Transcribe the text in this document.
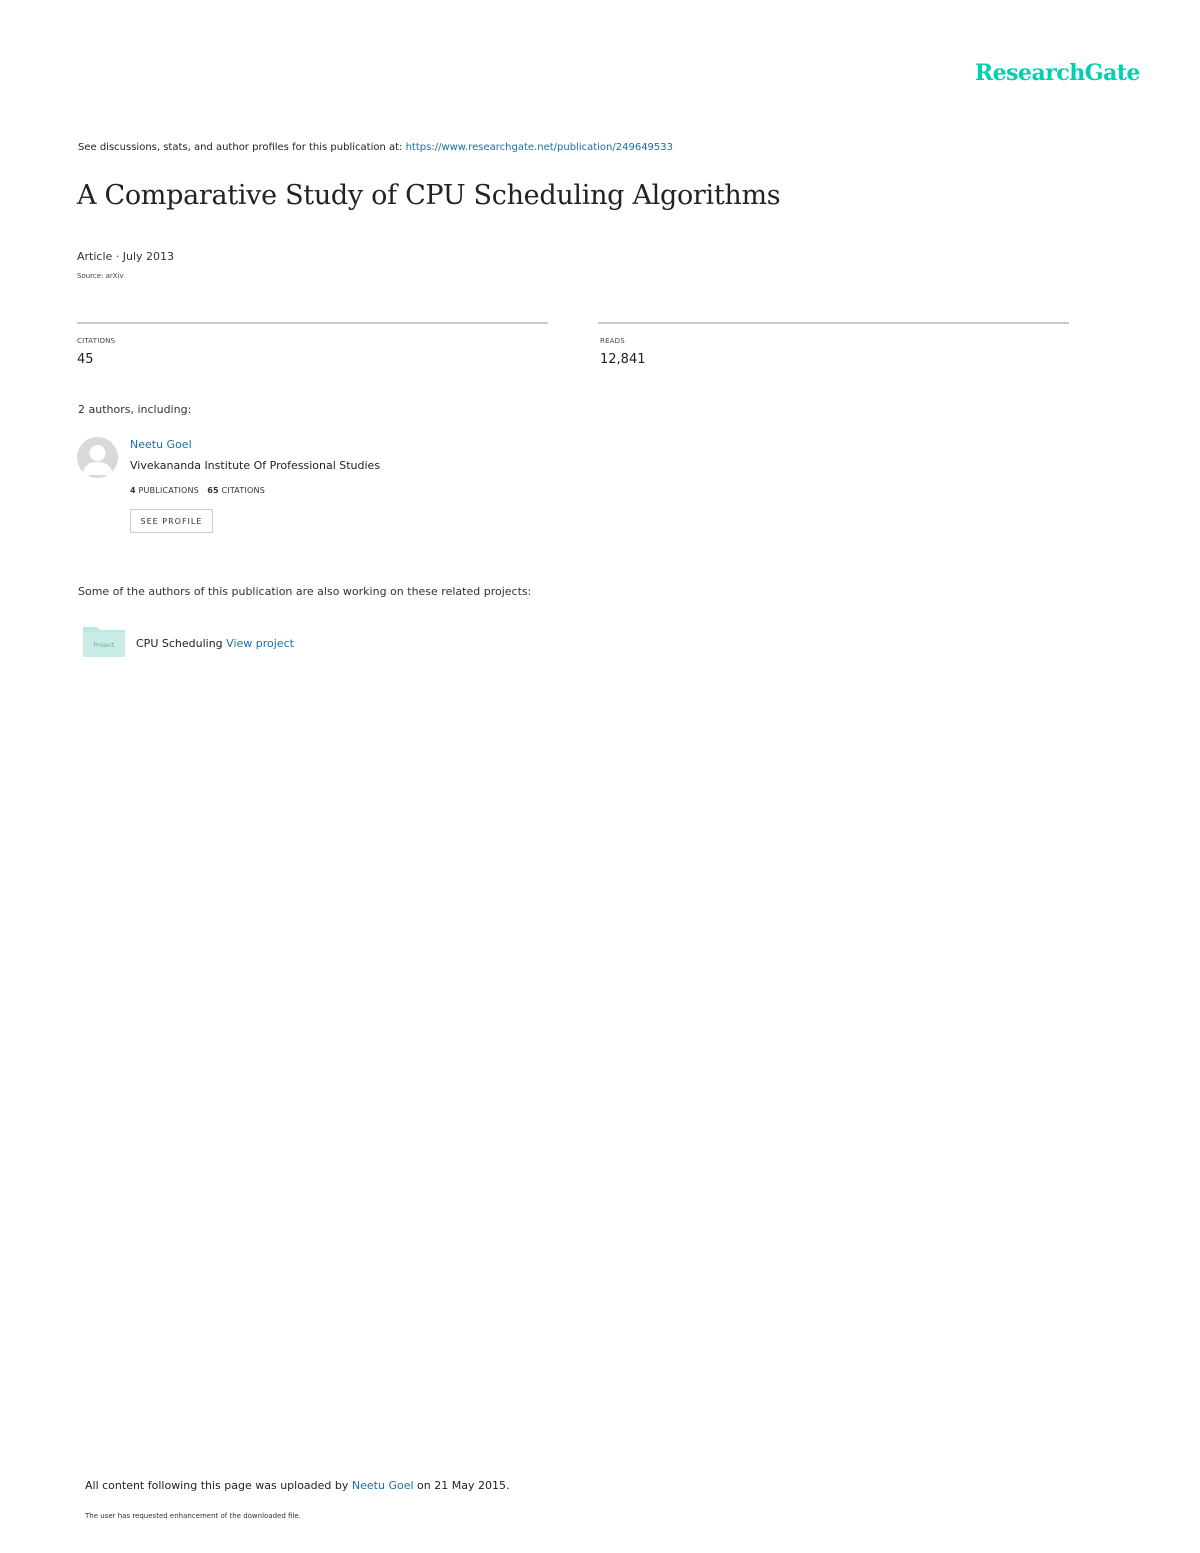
ResearchGate
See discussions, stats, and author profiles for this publication at: https://www.researchgate.net/publication/249649533
A Comparative Study of CPU Scheduling Algorithms
Article · July 2013
Source: arXiv
CITATIONS
45
READS
12,841
2 authors, including:
Neetu Goel
Vivekananda Institute Of Professional Studies
4 PUBLICATIONS 65 CITATIONS
SEE PROFILE
Some of the authors of this publication are also working on these related projects:
Project CPU Scheduling View project
All content following this page was uploaded by Neetu Goel on 21 May 2015.
The user has requested enhancement of the downloaded file.
